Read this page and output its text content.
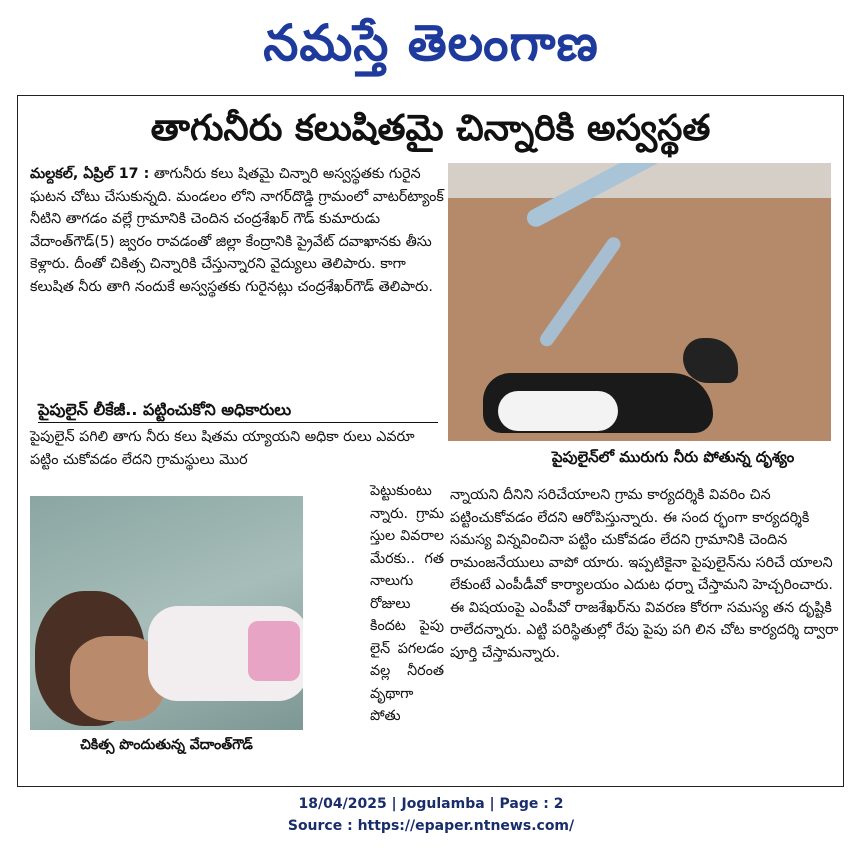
నమస్తే తెలంగాణ
తాగునీరు కలుషితమై చిన్నారికి అస్వస్థత
మల్దకల్, ఏప్రిల్ 17 : తాగునీరు కలు షితమై చిన్నారి అస్వస్థతకు గురైన ఘటన చోటు చేసుకున్నది. మండలం లోని నాగర్‌దొడ్డి గ్రామంలో వాటర్‌ట్యాంక్ నీటిని తాగడం వల్లే గ్రామానికి చెందిన చంద్రశేఖర్ గౌడ్ కుమారుడు వేదాంత్‌గౌడ్(5) జ్వరం రావడంతో జిల్లా కేంద్రానికి ప్రైవేట్ దవాఖానకు తీసు కెళ్లారు. దీంతో చికిత్స చిన్నారికి చేస్తున్నారని వైద్యులు తెలిపారు. కాగా కలుషిత నీరు తాగి నందుకే అస్వస్థతకు గురైనట్లు చంద్రశేఖర్‌గౌడ్ తెలిపారు.
పైపులైన్ లీకేజీ.. పట్టించుకోని అధికారులు
పైపులైన్ పగిలి తాగు నీరు కలు షితమ య్యాయని అధికా రులు ఎవరూ పట్టిం చుకోవడం లేదని గ్రామస్థులు మొర
చికిత్స పొందుతున్న వేదాంత్‌గౌడ్
పెట్టుకుంటు న్నారు. గ్రామ స్తుల వివరాల మేరకు.. గత నాలుగు రోజులు కిందట పైపు లైన్ పగలడం వల్ల నీరంత వృథాగా పోతు
పైపులైన్‌లో మురుగు నీరు పోతున్న దృశ్యం
న్నాయని దీనిని సరిచేయాలని గ్రామ కార్యదర్శికి వివరిం చిన పట్టించుకోవడం లేదని ఆరోపిస్తున్నారు. ఈ సంద ర్భంగా కార్యదర్శికి సమస్య విన్నవించినా పట్టిం చుకోవడం లేదని గ్రామానికి చెందిన రామంజనేయులు వాపో యారు. ఇప్పటికైనా పైపులైన్‌ను సరిచే యాలని లేకుంటే ఎంపీడీవో కార్యాలయం ఎదుట ధర్నా చేస్తామని హెచ్చరించారు. ఈ విషయంపై ఎంపీవో రాజశేఖర్‌ను వివరణ కోరగా సమస్య తన దృష్టికి రాలేదన్నారు. ఎట్టి పరిస్థితుల్లో రేపు పైపు పగి లిన చోట కార్యదర్శి ద్వారా పూర్తి చేస్తామన్నారు.
18/04/2025 | Jogulamba | Page : 2
Source : https://epaper.ntnews.com/
